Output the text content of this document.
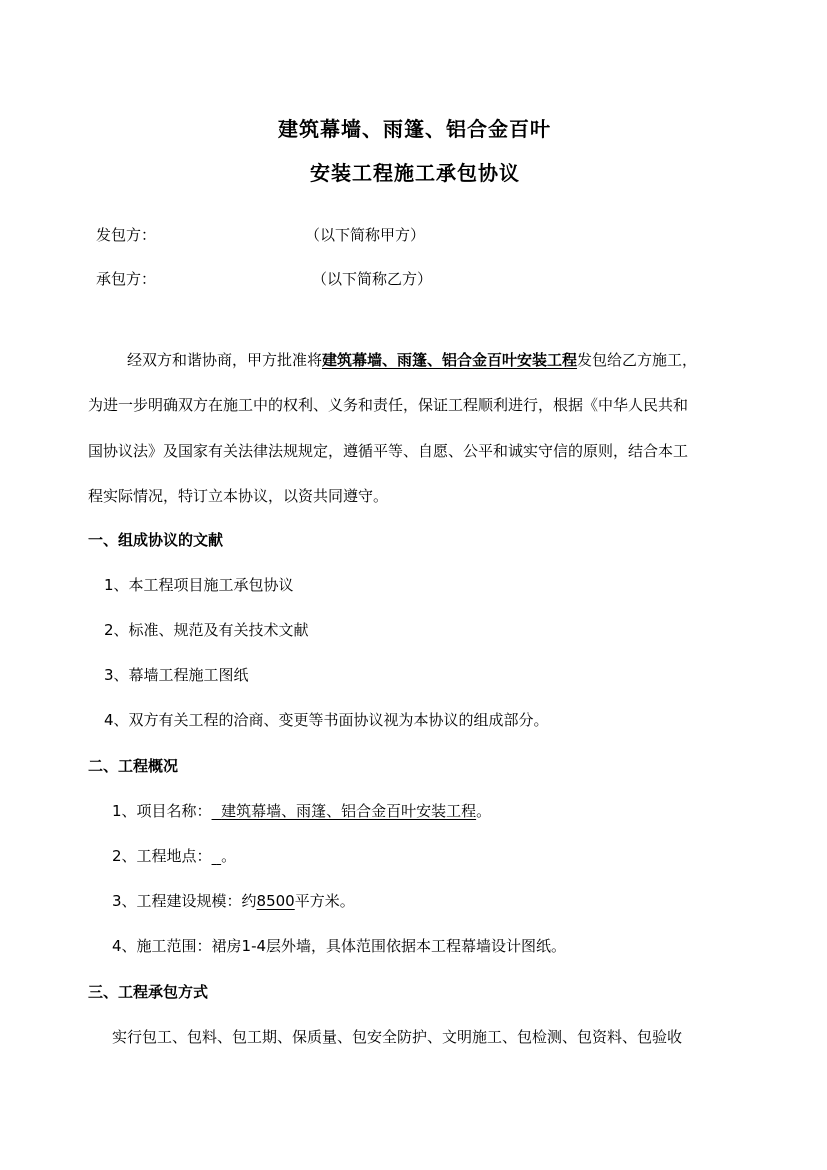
建筑幕墙、雨篷、铝合金百叶
安装工程施工承包协议
发包方：	（以下简称甲方）
承包方：	（以下简称乙方）
经双方和谐协商，甲方批准将建筑幕墙、雨篷、铝合金百叶安装工程发包给乙方施工，
为进一步明确双方在施工中的权利、义务和责任，保证工程顺利进行，根据《中华人民共和
国协议法》及国家有关法律法规规定，遵循平等、自愿、公平和诚实守信的原则，结合本工
程实际情况，特订立本协议，以资共同遵守。
一、组成协议的文献
1、本工程项目施工承包协议
2、标准、规范及有关技术文献
3、幕墙工程施工图纸
4、双方有关工程的洽商、变更等书面协议视为本协议的组成部分。
二、工程概况
1、项目名称： 建筑幕墙、雨篷、铝合金百叶安装工程。
2、工程地点： 。
3、工程建设规模：约8500平方米。
4、施工范围：裙房1-4层外墙，具体范围依据本工程幕墙设计图纸。
三、工程承包方式
实行包工、包料、包工期、保质量、包安全防护、文明施工、包检测、包资料、包验收
